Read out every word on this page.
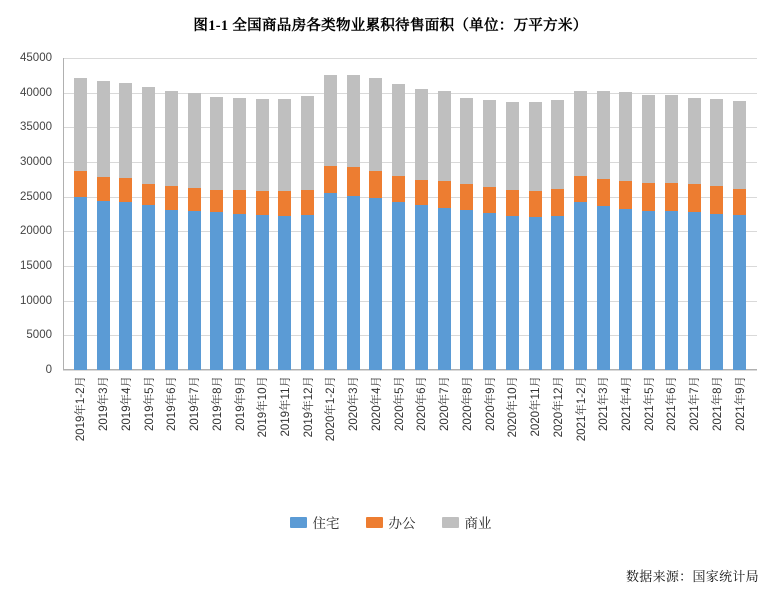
图1-1 全国商品房各类物业累积待售面积（单位：万平方米）
0
5000
10000
15000
20000
25000
30000
35000
40000
45000
2019年1-2月 2019年3月 2019年4月 2019年5月 2019年6月 2019年7月 2019年8月 2019年9月 2019年10月 2019年11月 2019年12月 2020年1-2月 2020年3月 2020年4月 2020年5月 2020年6月 2020年7月 2020年8月 2020年9月 2020年10月 2020年11月 2020年12月 2021年1-2月 2021年3月 2021年4月 2021年5月 2021年6月 2021年7月 2021年8月 2021年9月
住宅	办公	商业
数据来源：国家统计局
